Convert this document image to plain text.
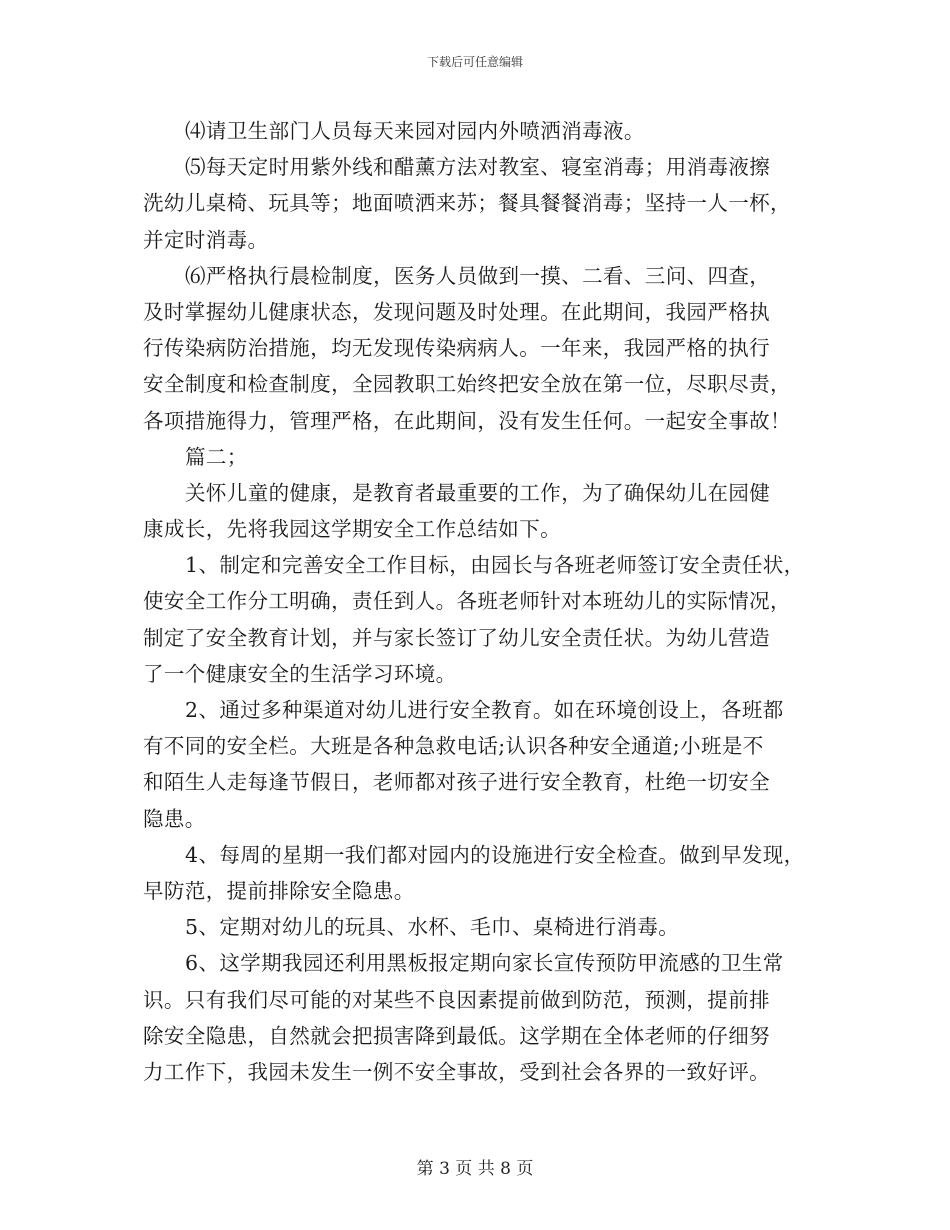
下载后可任意编辑
⑷请卫生部门人员每天来园对园内外喷洒消毒液。
⑸每天定时用紫外线和醋薰方法对教室、寝室消毒；用消毒液擦
洗幼儿桌椅、玩具等；地面喷洒来苏；餐具餐餐消毒；坚持一人一杯，
并定时消毒。
⑹严格执行晨检制度，医务人员做到一摸、二看、三问、四查，
及时掌握幼儿健康状态，发现问题及时处理。在此期间，我园严格执
行传染病防治措施，均无发现传染病病人。一年来，我园严格的执行
安全制度和检查制度，全园教职工始终把安全放在第一位，尽职尽责，
各项措施得力，管理严格，在此期间，没有发生任何。一起安全事故！
篇二；
关怀儿童的健康，是教育者最重要的工作，为了确保幼儿在园健
康成长，先将我园这学期安全工作总结如下。
1、制定和完善安全工作目标，由园长与各班老师签订安全责任状，
使安全工作分工明确，责任到人。各班老师针对本班幼儿的实际情况，
制定了安全教育计划，并与家长签订了幼儿安全责任状。为幼儿营造
了一个健康安全的生活学习环境。
2、通过多种渠道对幼儿进行安全教育。如在环境创设上，各班都
有不同的安全栏。大班是各种急救电话;认识各种安全通道;小班是不
和陌生人走每逢节假日，老师都对孩子进行安全教育，杜绝一切安全
隐患。
4、每周的星期一我们都对园内的设施进行安全检查。做到早发现，
早防范，提前排除安全隐患。
5、定期对幼儿的玩具、水杯、毛巾、桌椅进行消毒。
6、这学期我园还利用黑板报定期向家长宣传预防甲流感的卫生常
识。只有我们尽可能的对某些不良因素提前做到防范，预测，提前排
除安全隐患，自然就会把损害降到最低。这学期在全体老师的仔细努
力工作下，我园未发生一例不安全事故，受到社会各界的一致好评。
第 3 页 共 8 页
